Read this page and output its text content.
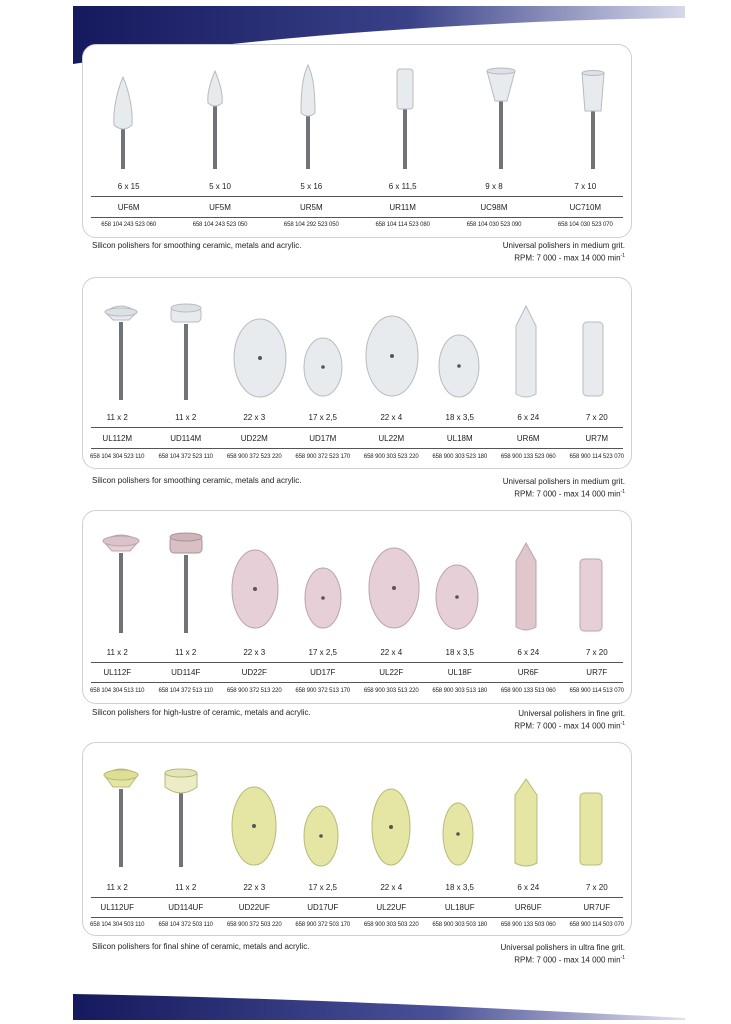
6 x 15	5 x 10	5 x 16	6 x 11,5	9 x 8	7 x 10
UF6M	UF5M	UR5M	UR11M	UC98M	UC710M
658 104 243 523 060	658 104 243 523 050	658 104 292 523 050	658 104 114 523 080	658 104 030 523 090	658 104 030 523 070
Silicon polishers for smoothing ceramic, metals and acrylic.	Universal polishers in medium grit.
RPM: 7 000 - max 14 000 $\min^{-1}$
11 x 2	11 x 2	22 x 3	17 x 2,5	22 x 4	18 x 3,5	6 x 24	7 x 20
UL112M	UD114M	UD22M	UD17M	UL22M	UL18M	UR6M	UR7M
658 104 304 523 110	658 104 372 523 110	658 900 372 523 220	658 900 372 523 170	658 900 303 523 220	658 900 303 523 180	658 900 133 523 060	658 900 114 523 070
Silicon polishers for smoothing ceramic, metals and acrylic.	Universal polishers in medium grit.
RPM: 7 000 - max 14 000 $\min^{-1}$
11 x 2	11 x 2	22 x 3	17 x 2,5	22 x 4	18 x 3,5	6 x 24	7 x 20
UL112F	UD114F	UD22F	UD17F	UL22F	UL18F	UR6F	UR7F
658 104 304 513 110	658 104 372 513 110	658 900 372 513 220	658 900 372 513 170	658 900 303 513 220	658 900 303 513 180	658 900 133 513 060	658 900 114 513 070
Silicon polishers for high-lustre of ceramic, metals and acrylic.	Universal polishers in fine grit.
RPM: 7 000 - max 14 000 $\min^{-1}$
11 x 2	11 x 2	22 x 3	17 x 2,5	22 x 4	18 x 3,5	6 x 24	7 x 20
UL112UF	UD114UF	UD22UF	UD17UF	UL22UF	UL18UF	UR6UF	UR7UF
658 104 304 503 110	658 104 372 503 110	658 900 372 503 220	658 900 372 503 170	658 900 303 503 220	658 900 303 503 180	658 900 133 503 060	658 900 114 503 070
Silicon polishers for final shine of ceramic, metals and acrylic.	Universal polishers in ultra fine grit.
RPM: 7 000 - max 14 000 $\min^{-1}$
